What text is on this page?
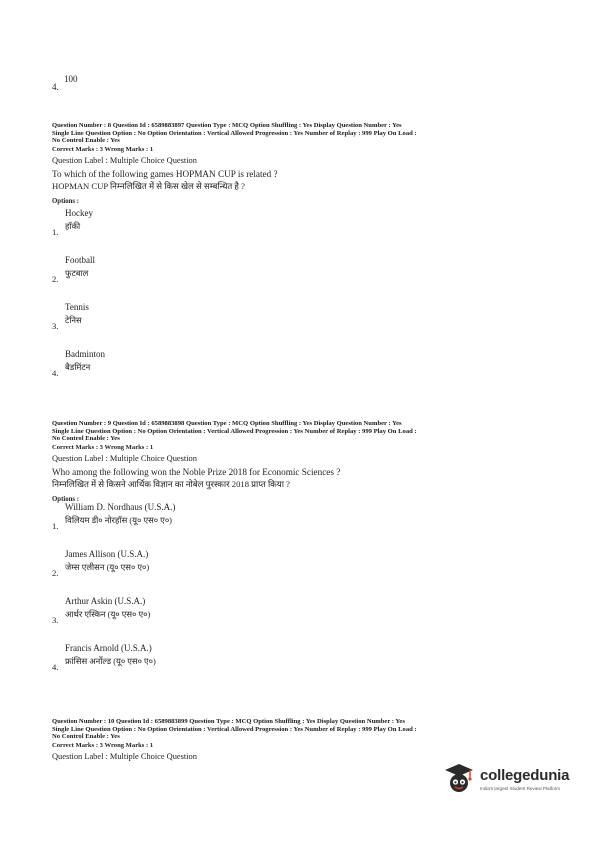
4.
100
Question Number : 8 Question Id : 6589883897 Question Type : MCQ Option Shuffling : Yes Display Question Number : Yes
Single Line Question Option : No Option Orientation : Vertical Allowed Progression : Yes Number of Replay : 999 Play On Load :
No Control Enable : Yes
Correct Marks : 3 Wrong Marks : 1
Question Label : Multiple Choice Question
To which of the following games HOPMAN CUP is related ?
HOPMAN CUP निम्नलिखित में से किस खेल से सम्बन्धित है ?
Options :
1.
Hockey
हॉकी
2.
Football
फुटबाल
3.
Tennis
टेनिस
4.
Badminton
बैडमिंटन
Question Number : 9 Question Id : 6589883898 Question Type : MCQ Option Shuffling : Yes Display Question Number : Yes
Single Line Question Option : No Option Orientation : Vertical Allowed Progression : Yes Number of Replay : 999 Play On Load :
No Control Enable : Yes
Correct Marks : 3 Wrong Marks : 1
Question Label : Multiple Choice Question
Who among the following won the Noble Prize 2018 for Economic Sciences ?
निम्नलिखित में से किसने आर्थिक विज्ञान का नोबेल पुरस्कार 2018 प्राप्त किया ?
Options :
1.
William D. Nordhaus (U.S.A.)
विलियम डी० नोरहॉस (यू० एस० ए०)
2.
James Allison (U.S.A.)
जेम्स एलीसन (यू० एस० ए०)
3.
Arthur Askin (U.S.A.)
आर्थर एस्किन (यू० एस० ए०)
4.
Francis Arnold (U.S.A.)
फ्रांसिस अर्नोल्ड (यू० एस० ए०)
Question Number : 10 Question Id : 6589883899 Question Type : MCQ Option Shuffling : Yes Display Question Number : Yes
Single Line Question Option : No Option Orientation : Vertical Allowed Progression : Yes Number of Replay : 999 Play On Load :
No Control Enable : Yes
Correct Marks : 3 Wrong Marks : 1
Question Label : Multiple Choice Question
collegedunia
India's largest Student Review Platform
